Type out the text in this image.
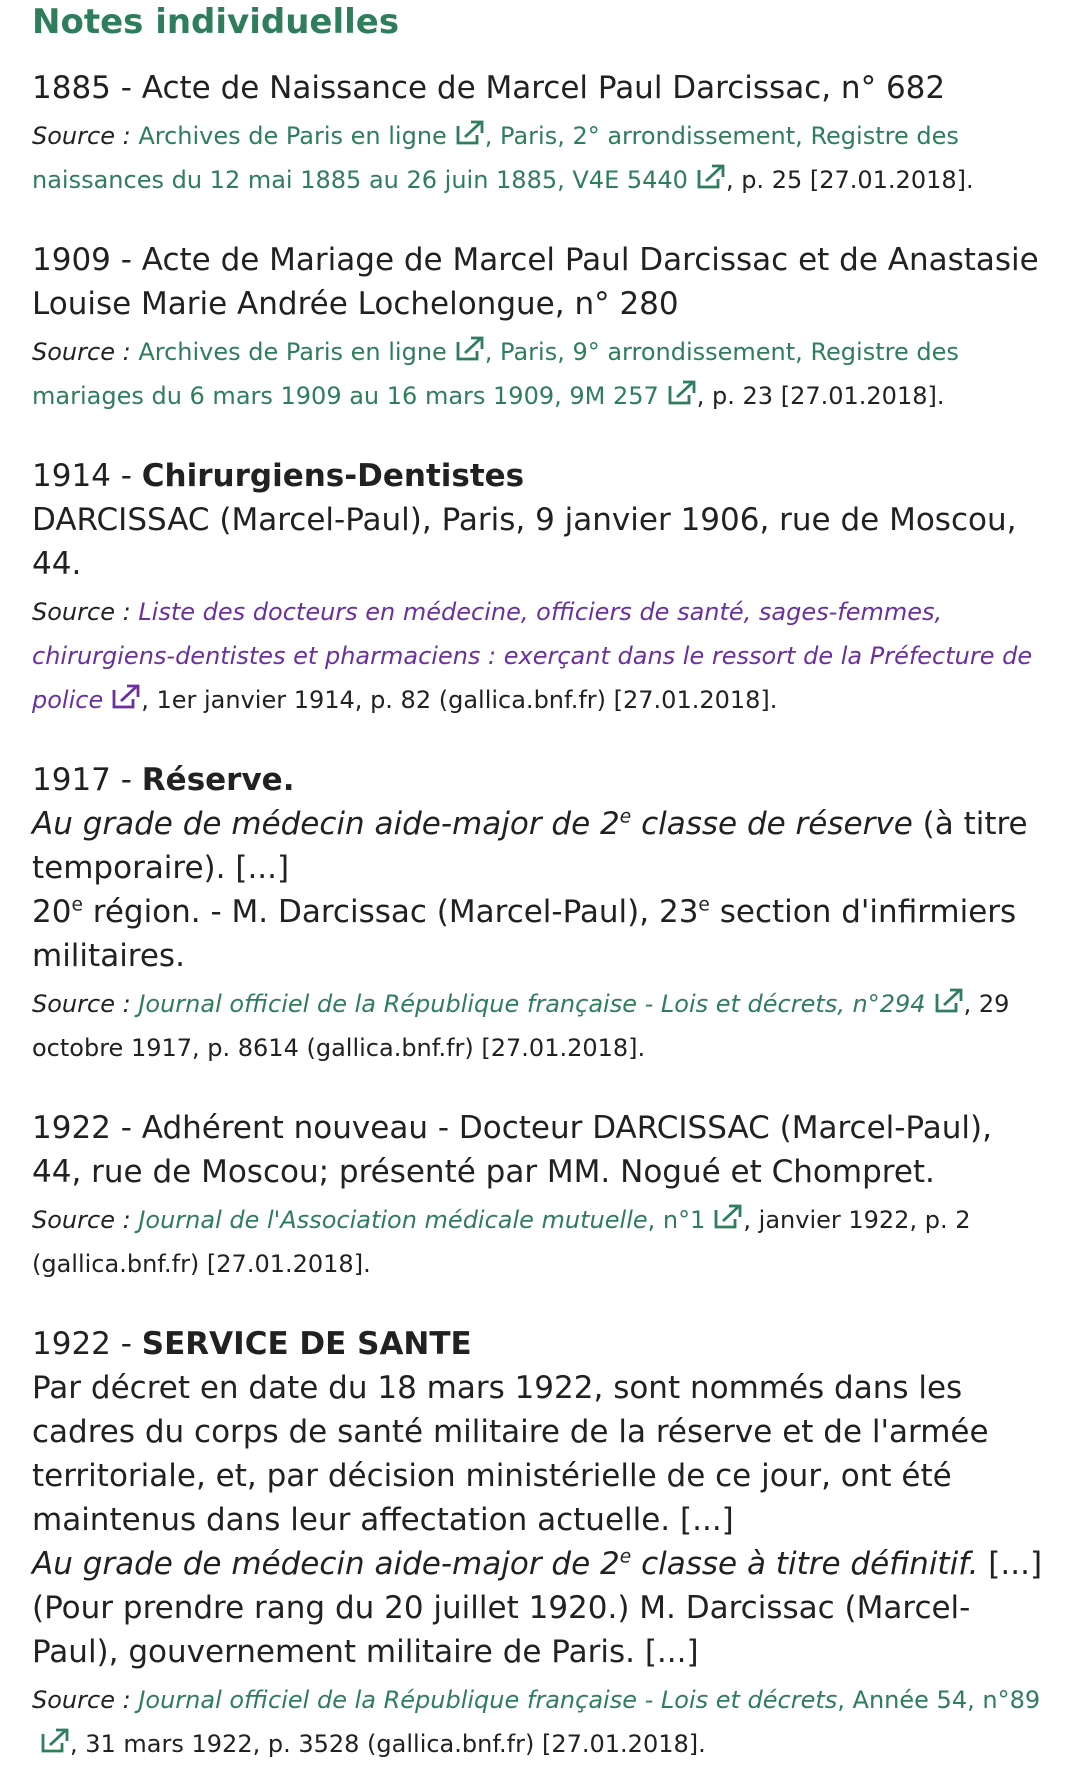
Notes individuelles

1885 - Acte de Naissance de Marcel Paul Darcissac, n° 682

Source : Archives de Paris en ligne , Paris, 2° arrondissement, Registre des naissances du 12 mai 1885 au 26 juin 1885, V4E 5440 , p. 25 [27.01.2018].

1909 - Acte de Mariage de Marcel Paul Darcissac et de Anastasie Louise Marie Andrée Lochelongue, n° 280

Source : Archives de Paris en ligne , Paris, 9° arrondissement, Registre des mariages du 6 mars 1909 au 16 mars 1909, 9M 257 , p. 23 [27.01.2018].

1914 - Chirurgiens-Dentistes

DARCISSAC (Marcel-Paul), Paris, 9 janvier 1906, rue de Moscou, 44.

Source : Liste des docteurs en médecine, officiers de santé, sages-femmes, chirurgiens-dentistes et pharmaciens : exerçant dans le ressort de la Préfecture de police , 1er janvier 1914, p. 82 (gallica.bnf.fr) [27.01.2018].

1917 - Réserve.

Au grade de médecin aide-major de 2e classe de réserve (à titre temporaire). [...]

20e région. - M. Darcissac (Marcel-Paul), 23e section d'infirmiers militaires.

Source : Journal officiel de la République française - Lois et décrets, n°294 , 29 octobre 1917, p. 8614 (gallica.bnf.fr) [27.01.2018].

1922 - Adhérent nouveau - Docteur DARCISSAC (Marcel-Paul), 44, rue de Moscou; présenté par MM. Nogué et Chompret.

Source : Journal de l'Association médicale mutuelle, n°1 , janvier 1922, p. 2 (gallica.bnf.fr) [27.01.2018].

1922 - SERVICE DE SANTE

Par décret en date du 18 mars 1922, sont nommés dans les cadres du corps de santé militaire de la réserve et de l'armée territoriale, et, par décision ministérielle de ce jour, ont été maintenus dans leur affectation actuelle. [...]

Au grade de médecin aide-major de 2e classe à titre définitif. [...]

(Pour prendre rang du 20 juillet 1920.) M. Darcissac (Marcel-Paul), gouvernement militaire de Paris. [...]

Source : Journal officiel de la République française - Lois et décrets, Année 54, n°89
, 31 mars 1922, p. 3528 (gallica.bnf.fr) [27.01.2018].
